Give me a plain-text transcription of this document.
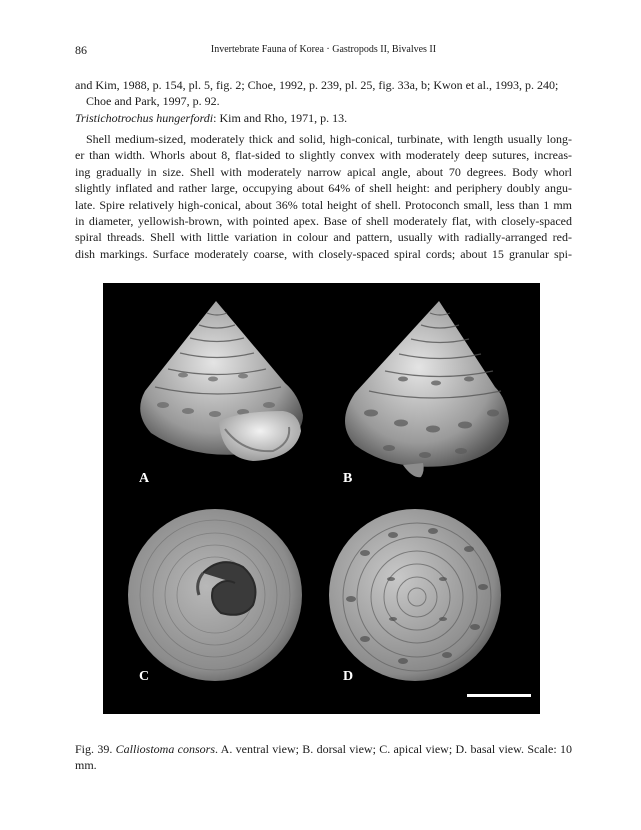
86	Invertebrate Fauna of Korea · Gastropods II, Bivalves II
and Kim, 1988, p. 154, pl. 5, fig. 2; Choe, 1992, p. 239, pl. 25, fig. 33a, b; Kwon et al., 1993, p. 240;
Choe and Park, 1997, p. 92.
Tristichotrochus hungerfordi: Kim and Rho, 1971, p. 13.
Shell medium-sized, moderately thick and solid, high-conical, turbinate, with length usually long-
er than width. Whorls about 8, flat-sided to slightly convex with moderately deep sutures, increas-
ing gradually in size. Shell with moderately narrow apical angle, about 70 degrees. Body whorl
slightly inflated and rather large, occupying about 64% of shell height: and periphery doubly angu-
late. Spire relatively high-conical, about 36% total height of shell. Protoconch small, less than 1 mm
in diameter, yellowish-brown, with pointed apex. Base of shell moderately flat, with closely-spaced
spiral threads. Shell with little variation in colour and pattern, usually with radially-arranged red-
dish markings. Surface moderately coarse, with closely-spaced spiral cords; about 15 granular spi-
A	B
C	D
Fig. 39. Calliostoma consors. A. ventral view; B. dorsal view; C. apical view; D. basal view. Scale: 10
mm.
